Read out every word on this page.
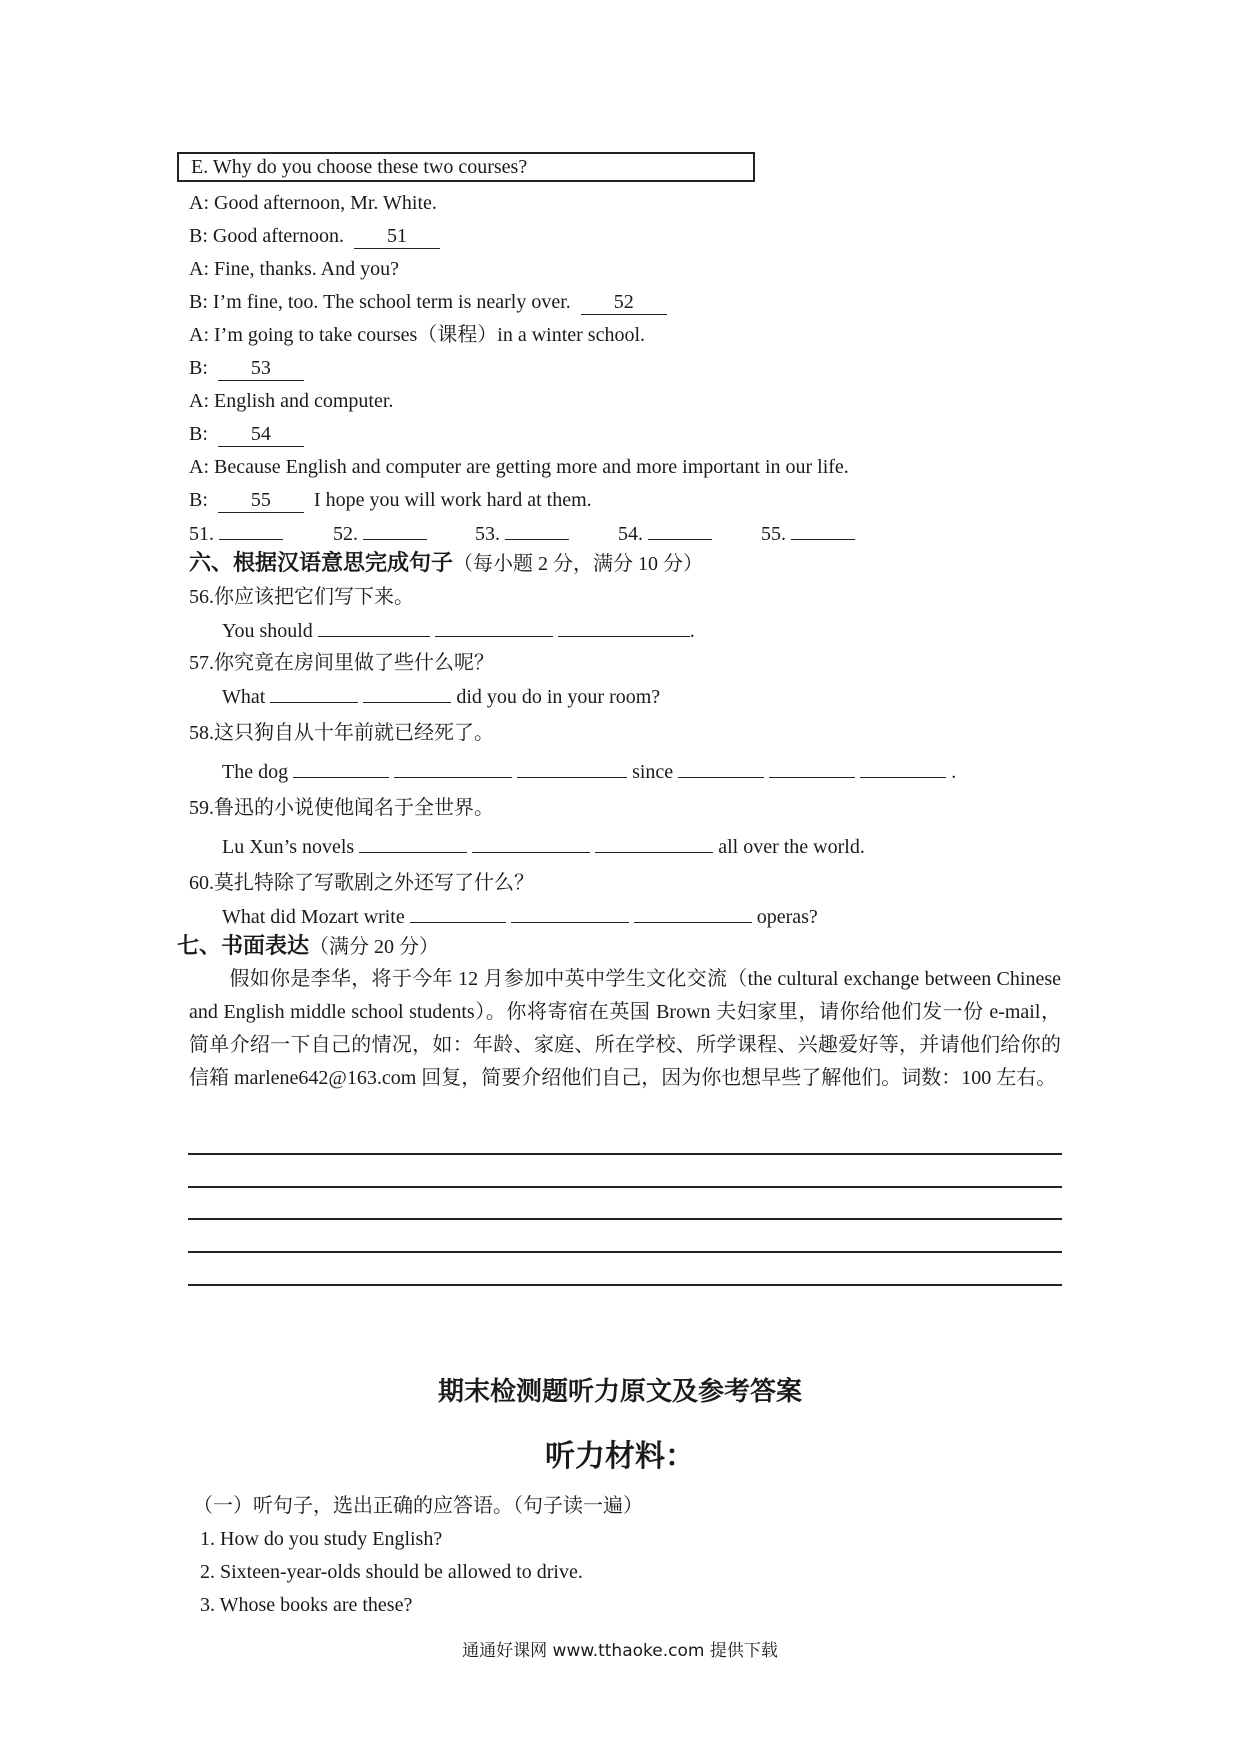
E. Why do you choose these two courses?
A: Good afternoon, Mr. White.
B: Good afternoon.  51
A: Fine, thanks. And you?
B: I’m fine, too. The school term is nearly over.  52
A: I’m going to take courses（课程）in a winter school.
B:  53
A: English and computer.
B:  54
A: Because English and computer are getting more and more important in our life.
B:  55  I hope you will work hard at them.
51.	52.	53.	54.	55.
六、根据汉语意思完成句子（每小题 2 分，满分 10 分）
56.你应该把它们写下来。
You should	.
57.你究竟在房间里做了些什么呢？
What	did you do in your room?
58.这只狗自从十年前就已经死了。
The dog	since	.
59.鲁迅的小说使他闻名于全世界。
Lu Xun’s novels	all over the world.
60.莫扎特除了写歌剧之外还写了什么？
What did Mozart write	operas?
七、书面表达（满分 20 分）
假如你是李华，将于今年 12 月参加中英中学生文化交流（the cultural exchange between Chinese and English middle school students）。你将寄宿在英国 Brown 夫妇家里，请你给他们发一份 e-mail，简单介绍一下自己的情况，如：年龄、家庭、所在学校、所学课程、兴趣爱好等，并请他们给你的信箱 marlene642@163.com 回复，简要介绍他们自己，因为你也想早些了解他们。词数：100 左右。
期末检测题听力原文及参考答案
听力材料：
（一）听句子，选出正确的应答语。（句子读一遍）
1. How do you study English?
2. Sixteen-year-olds should be allowed to drive.
3. Whose books are these?
通通好课网 www.tthaoke.com 提供下载
